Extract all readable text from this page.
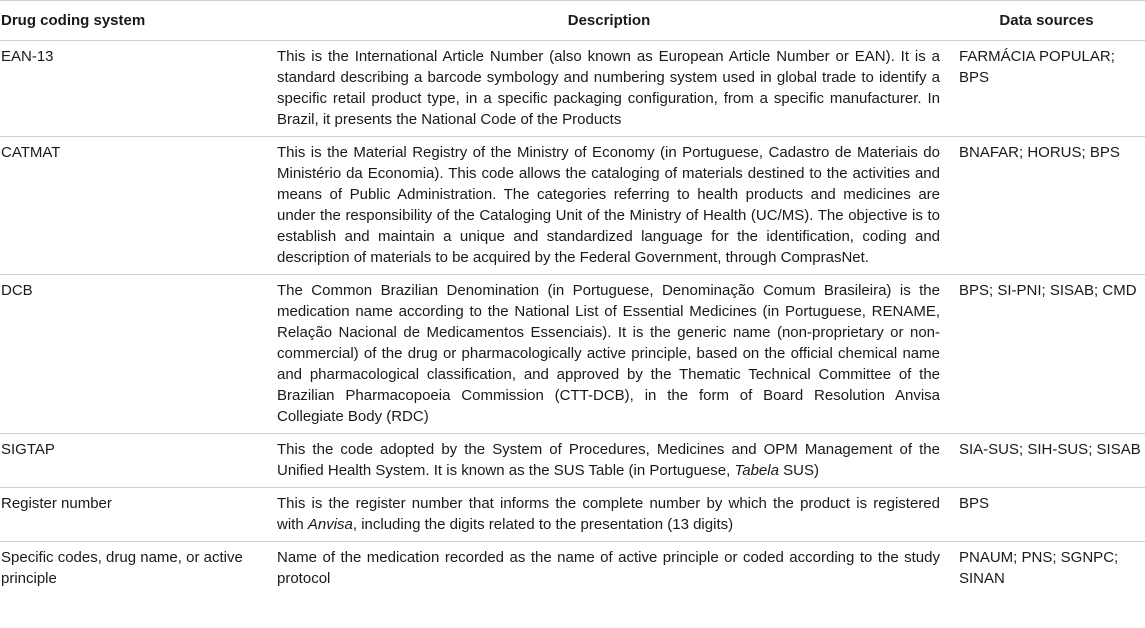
Drug coding system	Description	Data sources
EAN-13	This is the International Article Number (also known as European Article Number or EAN). It is a standard describing a barcode symbology and numbering system used in global trade to identify a specific retail product type, in a specific packaging configuration, from a specific manufacturer. In Brazil, it presents the National Code of the Products	FARMÁCIA POPULAR; BPS
CATMAT	This is the Material Registry of the Ministry of Economy (in Portuguese, Cadastro de Materiais do Ministério da Economia). This code allows the cataloging of materials destined to the activities and means of Public Administration. The categories referring to health products and medicines are under the responsibility of the Cataloging Unit of the Ministry of Health (UC/MS). The objective is to establish and maintain a unique and standardized language for the identification, coding and description of materials to be acquired by the Federal Government, through ComprasNet.	BNAFAR; HORUS; BPS
DCB	The Common Brazilian Denomination (in Portuguese, Denominação Comum Brasileira) is the medication name according to the National List of Essential Medicines (in Portuguese, RENAME, Relação Nacional de Medicamentos Essenciais). It is the generic name (non-proprietary or non-commercial) of the drug or pharmacologically active principle, based on the official chemical name and pharmacological classification, and approved by the Thematic Technical Committee of the Brazilian Pharmacopoeia Commission (CTT-DCB), in the form of Board Resolution Anvisa Collegiate Body (RDC)	BPS; SI-PNI; SISAB; CMD
SIGTAP	This the code adopted by the System of Procedures, Medicines and OPM Management of the Unified Health System. It is known as the SUS Table (in Portuguese, Tabela SUS)	SIA-SUS; SIH-SUS; SISAB
Register number	This is the register number that informs the complete number by which the product is registered with Anvisa, including the digits related to the presentation (13 digits)	BPS
Specific codes, drug name, or active principle	Name of the medication recorded as the name of active principle or coded according to the study protocol	PNAUM; PNS; SGNPC; SINAN
